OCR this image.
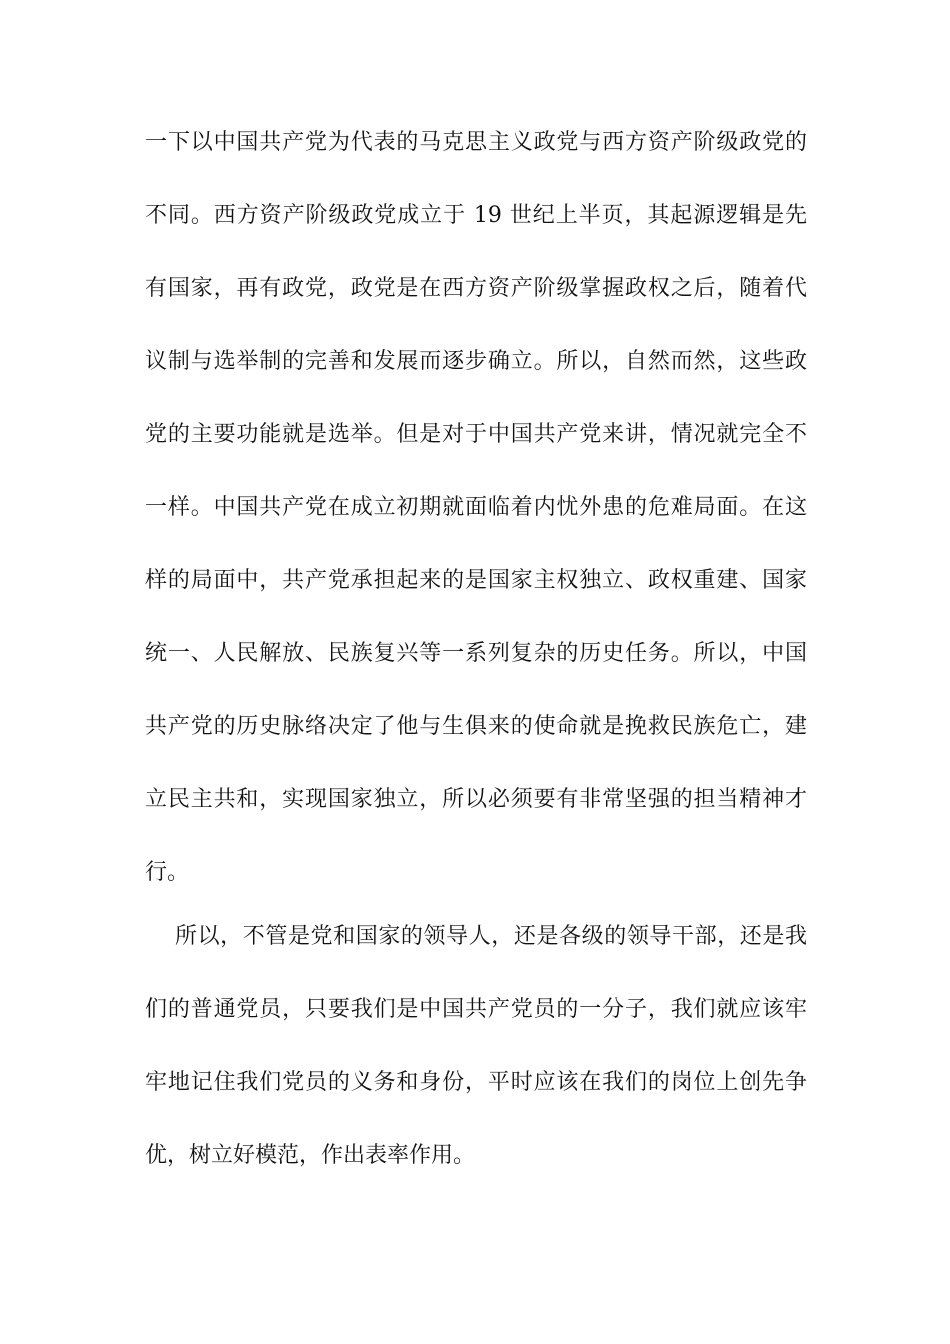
一下以中国共产党为代表的马克思主义政党与西方资产阶级政党的
不同。西方资产阶级政党成立于 19 世纪上半页，其起源逻辑是先
有国家，再有政党，政党是在西方资产阶级掌握政权之后，随着代
议制与选举制的完善和发展而逐步确立。所以，自然而然，这些政
党的主要功能就是选举。但是对于中国共产党来讲，情况就完全不
一样。中国共产党在成立初期就面临着内忧外患的危难局面。在这
样的局面中，共产党承担起来的是国家主权独立、政权重建、国家
统一、人民解放、民族复兴等一系列复杂的历史任务。所以，中国
共产党的历史脉络决定了他与生俱来的使命就是挽救民族危亡，建
立民主共和，实现国家独立，所以必须要有非常坚强的担当精神才
行。
所以，不管是党和国家的领导人，还是各级的领导干部，还是我
们的普通党员，只要我们是中国共产党员的一分子，我们就应该牢
牢地记住我们党员的义务和身份，平时应该在我们的岗位上创先争
优，树立好模范，作出表率作用。
